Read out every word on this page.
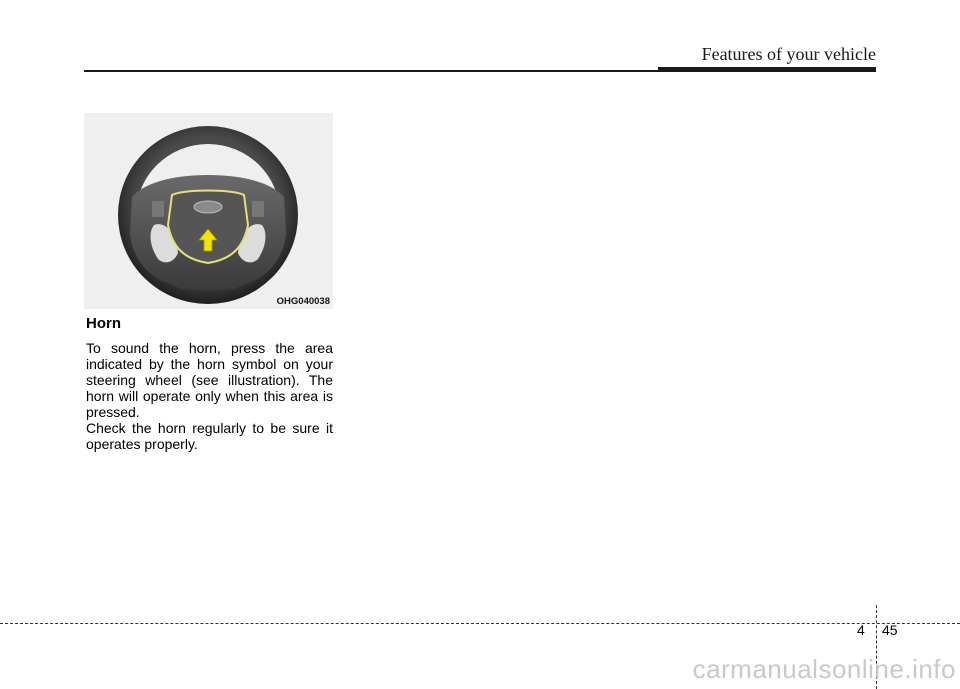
Features of your vehicle
OHG040038
Horn

To sound the horn, press the area indicated by the horn symbol on your steering wheel (see illustration). The horn will operate only when this area is pressed.

Check the horn regularly to be sure it operates properly.

4 45
carmanualsonline.info
